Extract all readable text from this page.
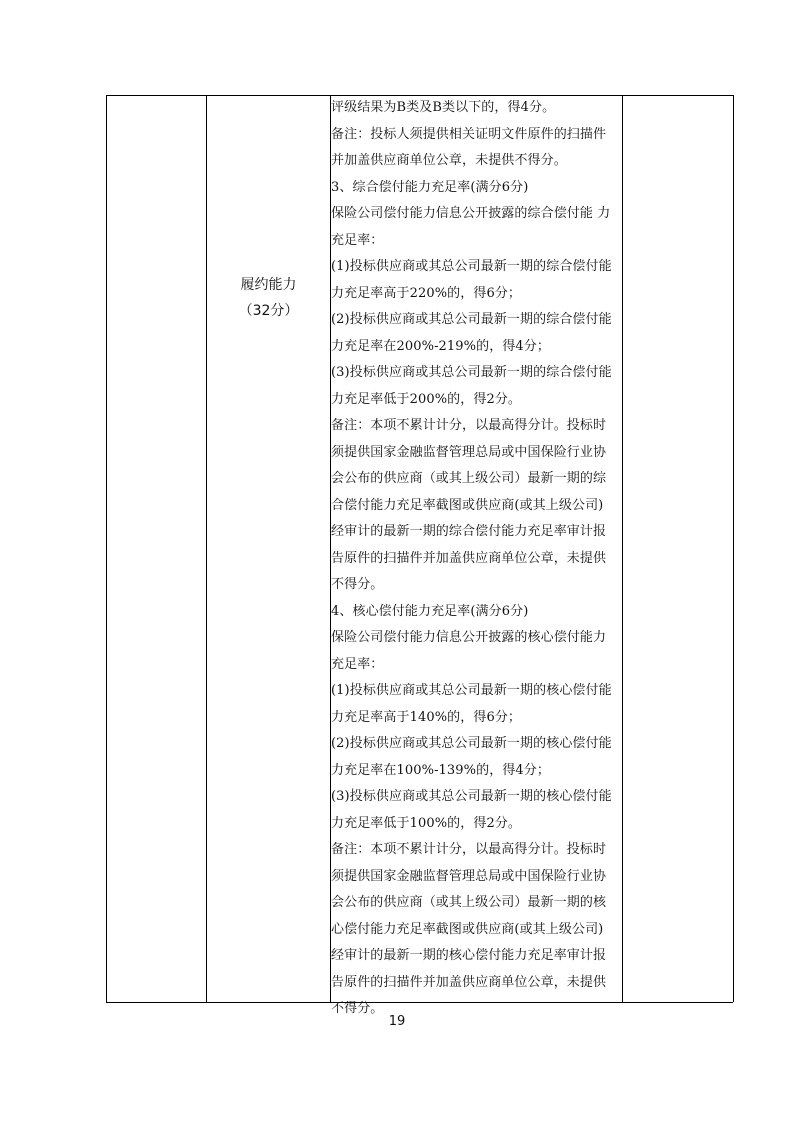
履约能力
（32分）
评级结果为B类及B类以下的，得4分。
备注：投标人须提供相关证明文件原件的扫描件
并加盖供应商单位公章，未提供不得分。
3、综合偿付能力充足率(满分6分)
保险公司偿付能力信息公开披露的综合偿付能 力
充足率：
(1)投标供应商或其总公司最新一期的综合偿付能
力充足率高于220%的，得6分；
(2)投标供应商或其总公司最新一期的综合偿付能
力充足率在200%-219%的，得4分；
(3)投标供应商或其总公司最新一期的综合偿付能
力充足率低于200%的，得2分。
备注：本项不累计计分，以最高得分计。投标时
须提供国家金融监督管理总局或中国保险行业协
会公布的供应商（或其上级公司）最新一期的综
合偿付能力充足率截图或供应商(或其上级公司)
经审计的最新一期的综合偿付能力充足率审计报
告原件的扫描件并加盖供应商单位公章，未提供
不得分。
4、核心偿付能力充足率(满分6分)
保险公司偿付能力信息公开披露的核心偿付能力
充足率：
(1)投标供应商或其总公司最新一期的核心偿付能
力充足率高于140%的，得6分；
(2)投标供应商或其总公司最新一期的核心偿付能
力充足率在100%-139%的，得4分；
(3)投标供应商或其总公司最新一期的核心偿付能
力充足率低于100%的，得2分。
备注：本项不累计计分，以最高得分计。投标时
须提供国家金融监督管理总局或中国保险行业协
会公布的供应商（或其上级公司）最新一期的核
心偿付能力充足率截图或供应商(或其上级公司)
经审计的最新一期的核心偿付能力充足率审计报
告原件的扫描件并加盖供应商单位公章，未提供
不得分。
19
